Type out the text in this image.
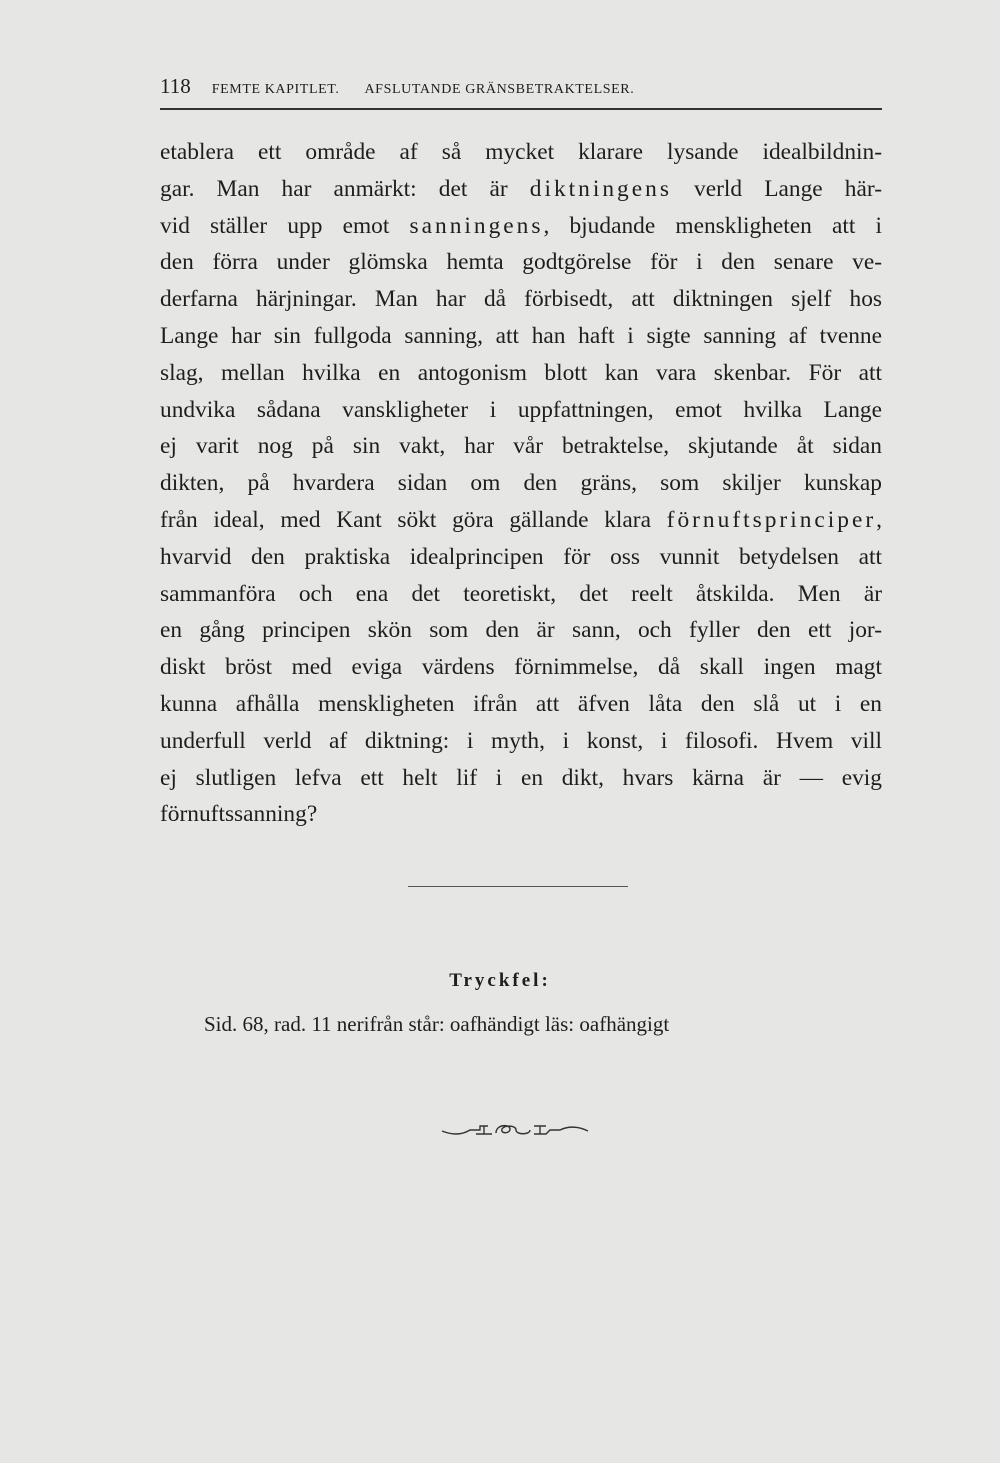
118 FEMTE KAPITLET. AFSLUTANDE GRÄNSBETRAKTELSER.
etablera ett område af så mycket klarare lysande idealbildnin-
gar. Man har anmärkt: det är diktningens verld Lange här-
vid ställer upp emot sanningens, bjudande menskligheten att i
den förra under glömska hemta godtgörelse för i den senare ve-
derfarna härjningar. Man har då förbisedt, att diktningen sjelf hos
Lange har sin fullgoda sanning, att han haft i sigte sanning af tvenne
slag, mellan hvilka en antogonism blott kan vara skenbar. För att
undvika sådana vanskligheter i uppfattningen, emot hvilka Lange
ej varit nog på sin vakt, har vår betraktelse, skjutande åt sidan
dikten, på hvardera sidan om den gräns, som skiljer kunskap
från ideal, med Kant sökt göra gällande klara förnuftsprinciper,
hvarvid den praktiska idealprincipen för oss vunnit betydelsen att
sammanföra och ena det teoretiskt, det reelt åtskilda. Men är
en gång principen skön som den är sann, och fyller den ett jor-
diskt bröst med eviga värdens förnimmelse, då skall ingen magt
kunna afhålla menskligheten ifrån att äfven låta den slå ut i en
underfull verld af diktning: i myth, i konst, i filosofi. Hvem vill
ej slutligen lefva ett helt lif i en dikt, hvars kärna är — evig
förnuftssanning?
Tryckfel:
Sid. 68, rad. 11 nerifrån står: oafhändigt läs: oafhängigt
